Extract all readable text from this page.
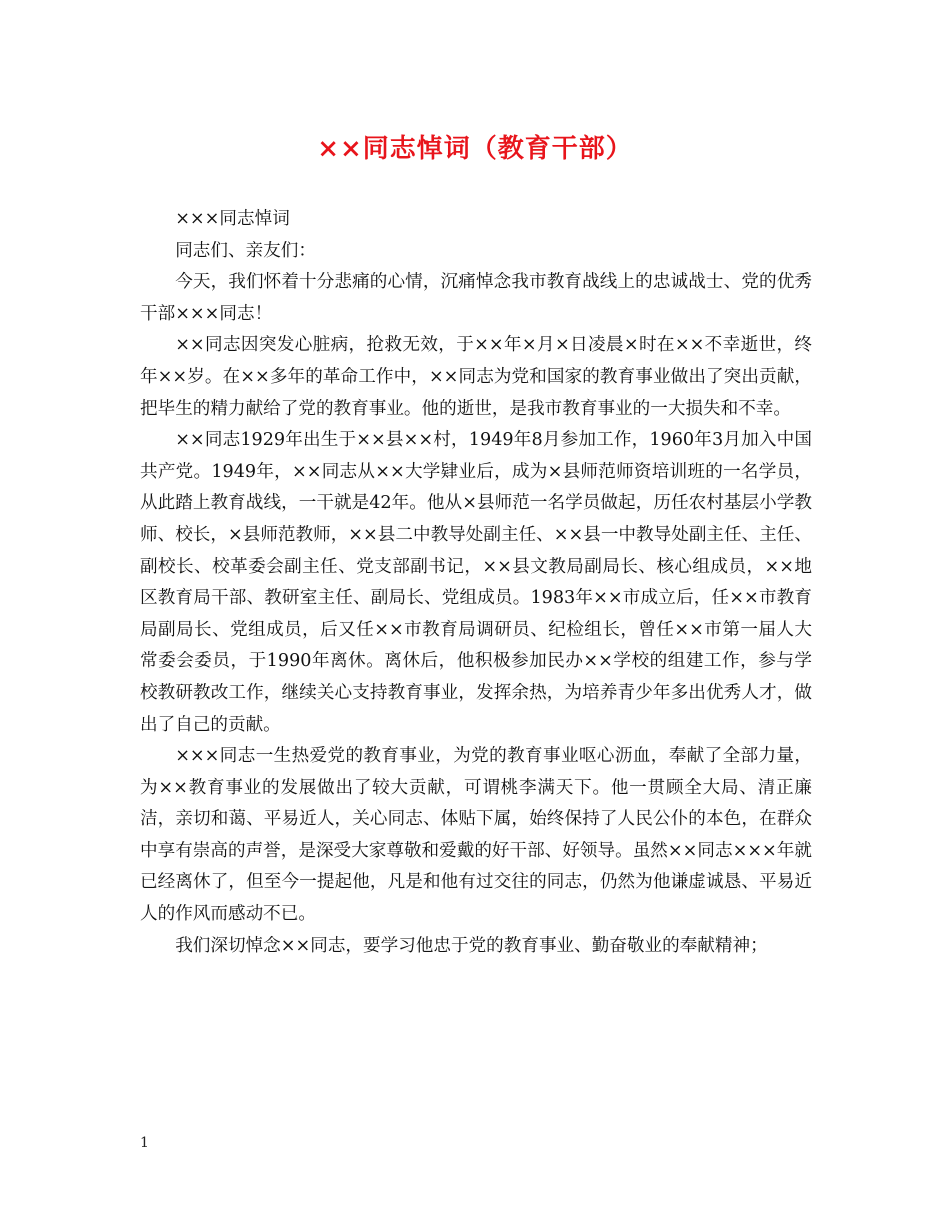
××同志悼词（教育干部）

×××同志悼词

同志们、亲友们：

今天，我们怀着十分悲痛的心情，沉痛悼念我市教育战线上的忠诚战士、党的优秀干部×××同志！

××同志因突发心脏病，抢救无效，于××年×月×日凌晨×时在××不幸逝世，终年××岁。在××多年的革命工作中，××同志为党和国家的教育事业做出了突出贡献，把毕生的精力献给了党的教育事业。他的逝世，是我市教育事业的一大损失和不幸。

××同志1929年出生于××县××村，1949年8月参加工作，1960年3月加入中国共产党。1949年，××同志从××大学肄业后，成为×县师范师资培训班的一名学员，从此踏上教育战线，一干就是42年。他从×县师范一名学员做起，历任农村基层小学教师、校长，×县师范教师，××县二中教导处副主任、××县一中教导处副主任、主任、副校长、校革委会副主任、党支部副书记，××县文教局副局长、核心组成员，××地区教育局干部、教研室主任、副局长、党组成员。1983年××市成立后，任××市教育局副局长、党组成员，后又任××市教育局调研员、纪检组长，曾任××市第一届人大常委会委员，于1990年离休。离休后，他积极参加民办××学校的组建工作，参与学校教研教改工作，继续关心支持教育事业，发挥余热，为培养青少年多出优秀人才，做出了自己的贡献。

×××同志一生热爱党的教育事业，为党的教育事业呕心沥血，奉献了全部力量，为××教育事业的发展做出了较大贡献，可谓桃李满天下。他一贯顾全大局、清正廉洁，亲切和蔼、平易近人，关心同志、体贴下属，始终保持了人民公仆的本色，在群众中享有崇高的声誉，是深受大家尊敬和爱戴的好干部、好领导。虽然××同志×××年就已经离休了，但至今一提起他，凡是和他有过交往的同志，仍然为他谦虚诚恳、平易近人的作风而感动不已。

我们深切悼念××同志，要学习他忠于党的教育事业、勤奋敬业的奉献精神；

1
